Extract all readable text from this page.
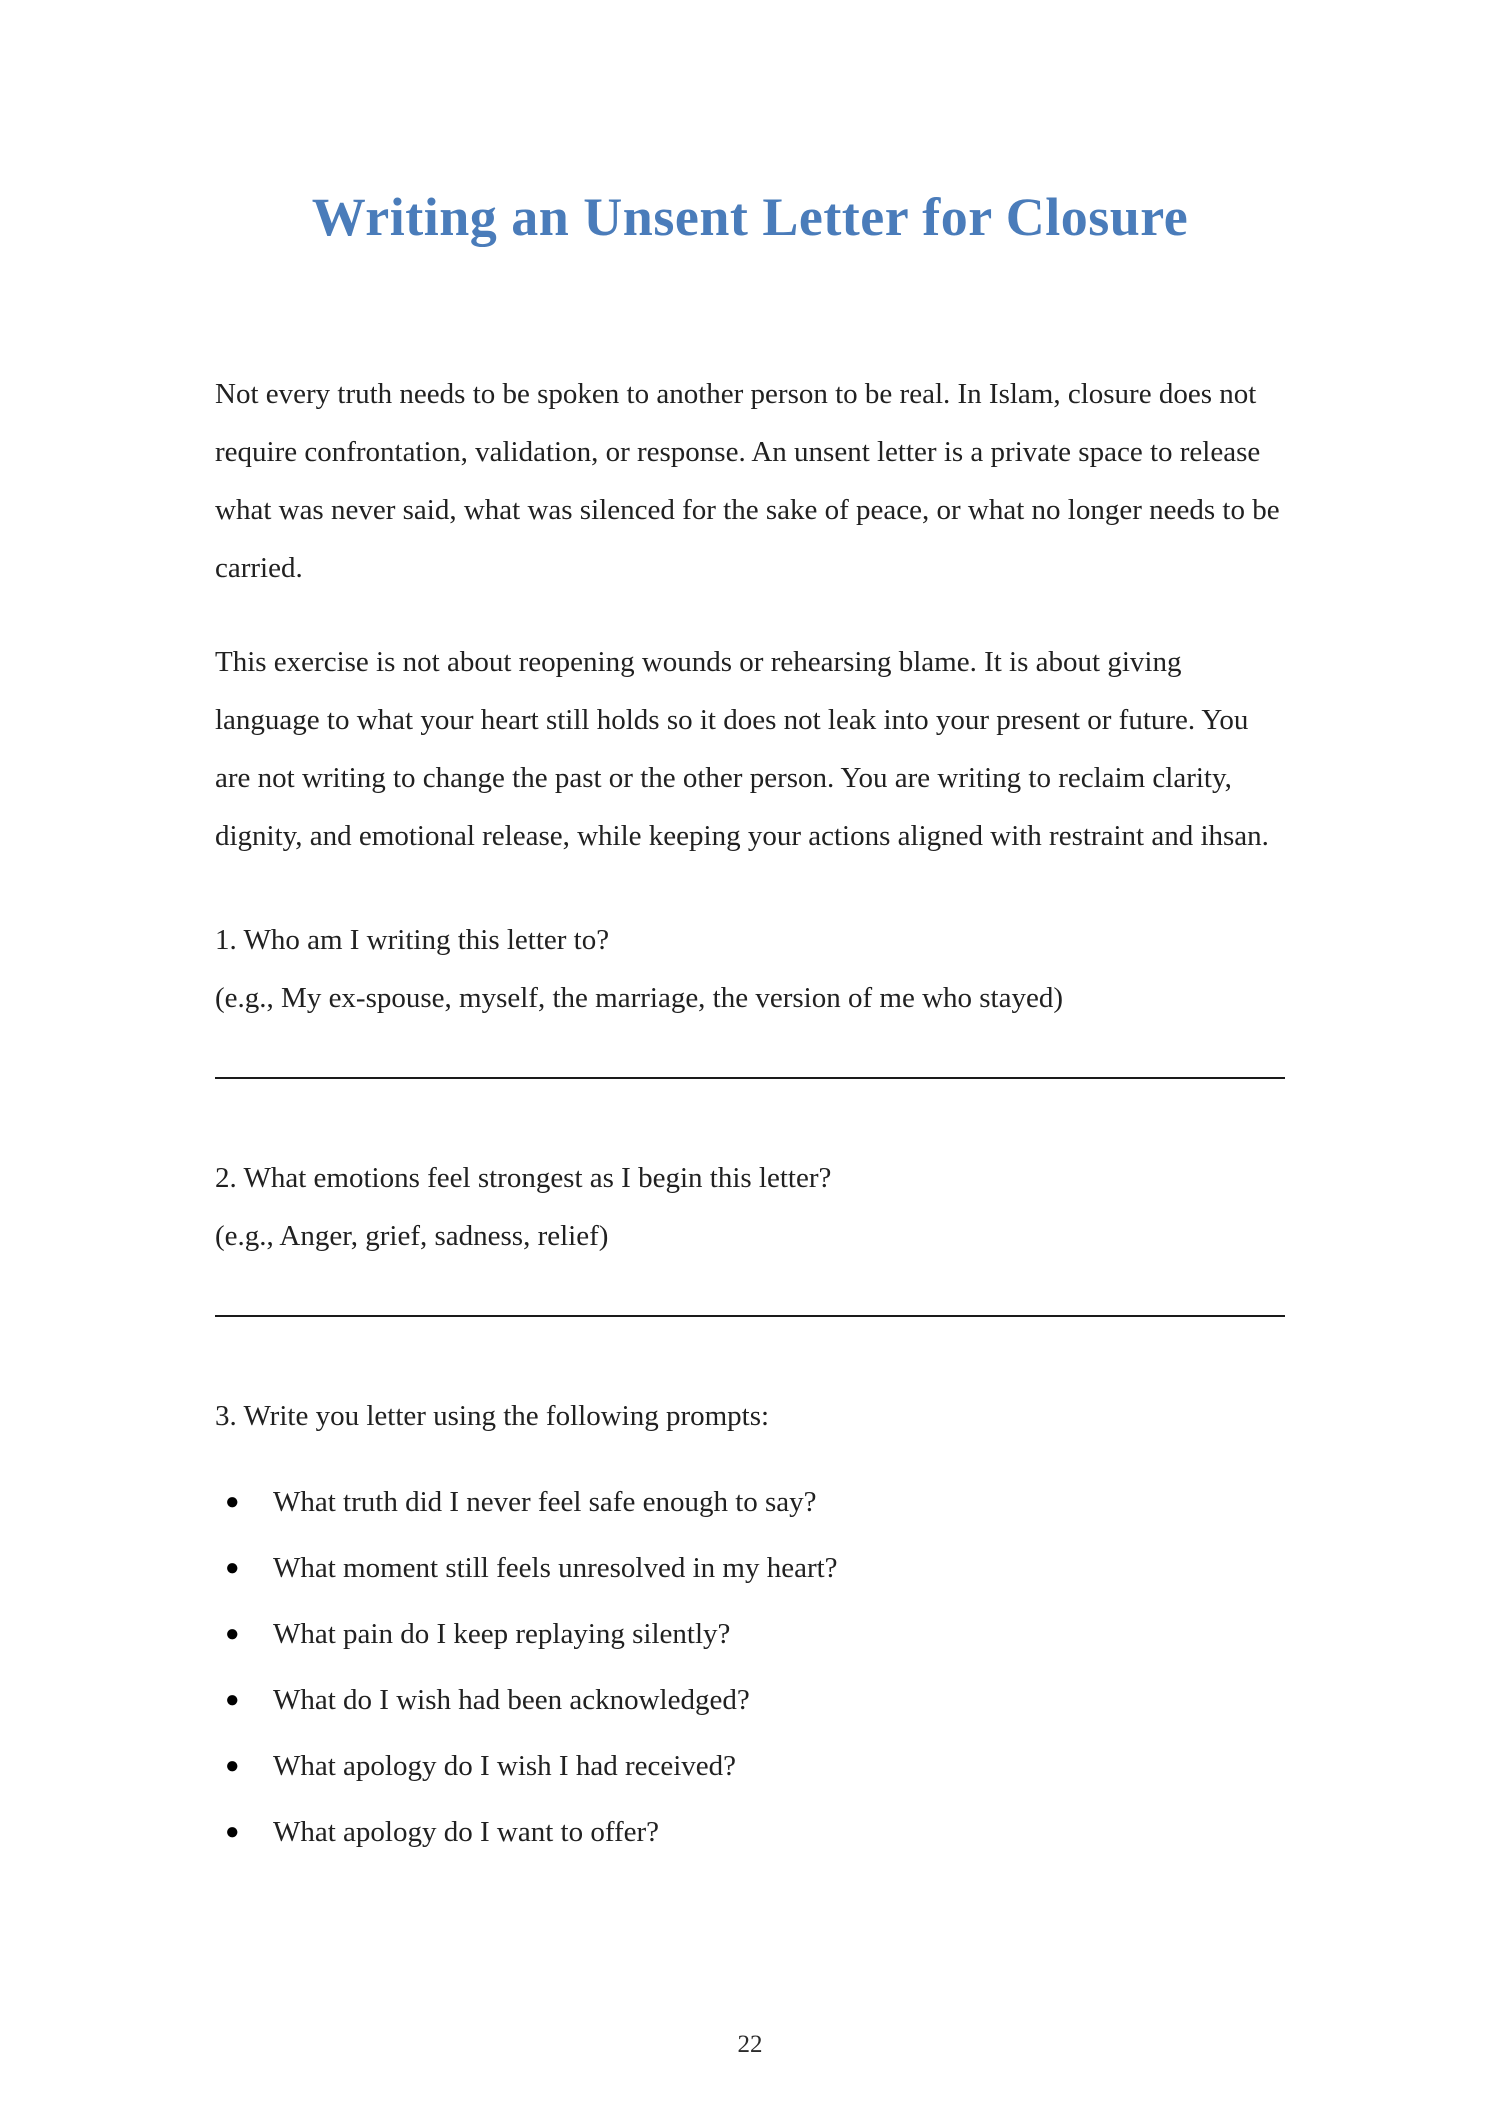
Writing an Unsent Letter for Closure

Not every truth needs to be spoken to another person to be real. In Islam, closure does not require confrontation, validation, or response. An unsent letter is a private space to release what was never said, what was silenced for the sake of peace, or what no longer needs to be carried.

This exercise is not about reopening wounds or rehearsing blame. It is about giving language to what your heart still holds so it does not leak into your present or future. You are not writing to change the past or the other person. You are writing to reclaim clarity, dignity, and emotional release, while keeping your actions aligned with restraint and ihsan.

1. Who am I writing this letter to?

(e.g., My ex-spouse, myself, the marriage, the version of me who stayed)

2. What emotions feel strongest as I begin this letter?

(e.g., Anger, grief, sadness, relief)

3. Write you letter using the following prompts:

●	What truth did I never feel safe enough to say?
●	What moment still feels unresolved in my heart?
●	What pain do I keep replaying silently?
●	What do I wish had been acknowledged?
●	What apology do I wish I had received?
●	What apology do I want to offer?
22
